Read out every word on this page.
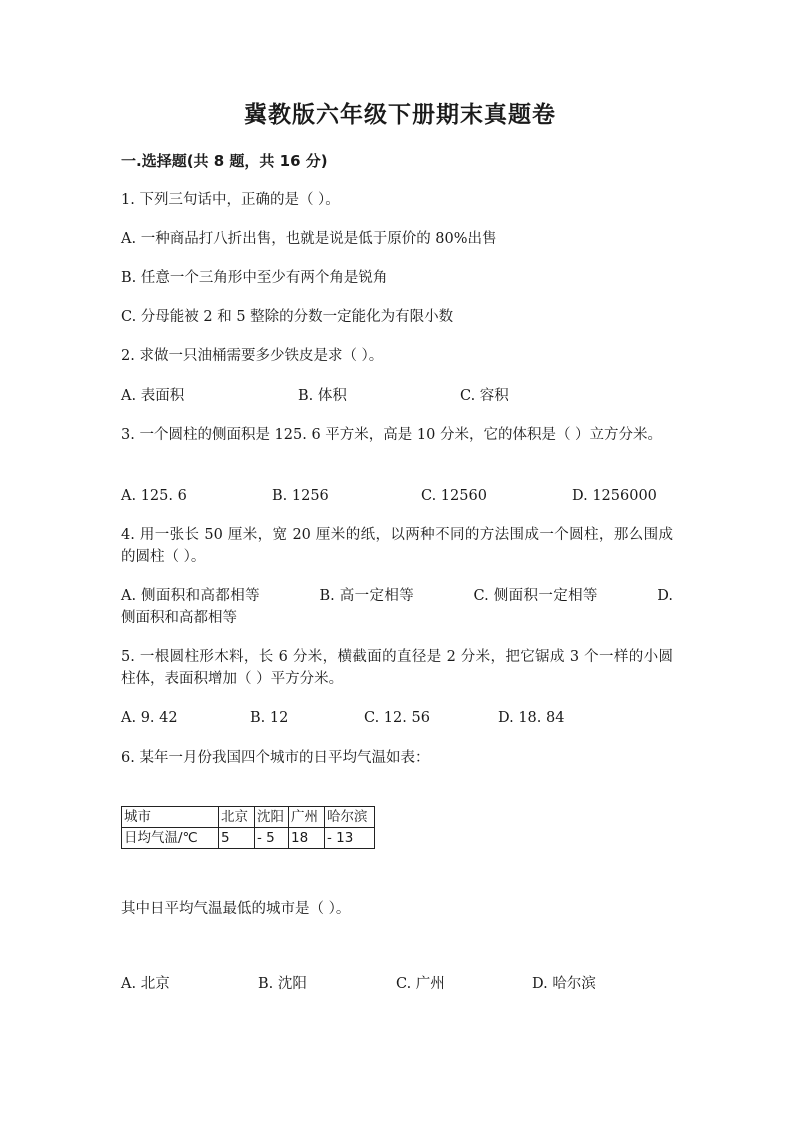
冀教版六年级下册期末真题卷
一.选择题(共 8 题，共 16 分)
1. 下列三句话中，正确的是（ ）。
A. 一种商品打八折出售，也就是说是低于原价的 80%出售
B. 任意一个三角形中至少有两个角是锐角
C. 分母能被 2 和 5 整除的分数一定能化为有限小数
2. 求做一只油桶需要多少铁皮是求（ ）。
A. 表面积	B. 体积	C. 容积
3. 一个圆柱的侧面积是 125. 6 平方米，高是 10 分米，它的体积是（ ）立方分米。
A. 125. 6	B. 1256	C. 12560	D. 1256000
4. 用一张长 50 厘米，宽 20 厘米的纸，以两种不同的方法围成一个圆柱，那么围成的圆柱（ ）。
A. 侧面积和高都相等　　　　B. 高一定相等　　　　C. 侧面积一定相等　　　　D. 侧面积和高都相等
5. 一根圆柱形木料，长 6 分米，横截面的直径是 2 分米，把它锯成 3 个一样的小圆柱体，表面积增加（ ）平方分米。
A. 9. 42	B. 12	C. 12. 56	D. 18. 84
6. 某年一月份我国四个城市的日平均气温如表：
城市	北京	沈阳	广州	哈尔滨
日均气温/℃	5	- 5	18	- 13
其中日平均气温最低的城市是（ ）。
A. 北京	B. 沈阳	C. 广州	D. 哈尔滨
